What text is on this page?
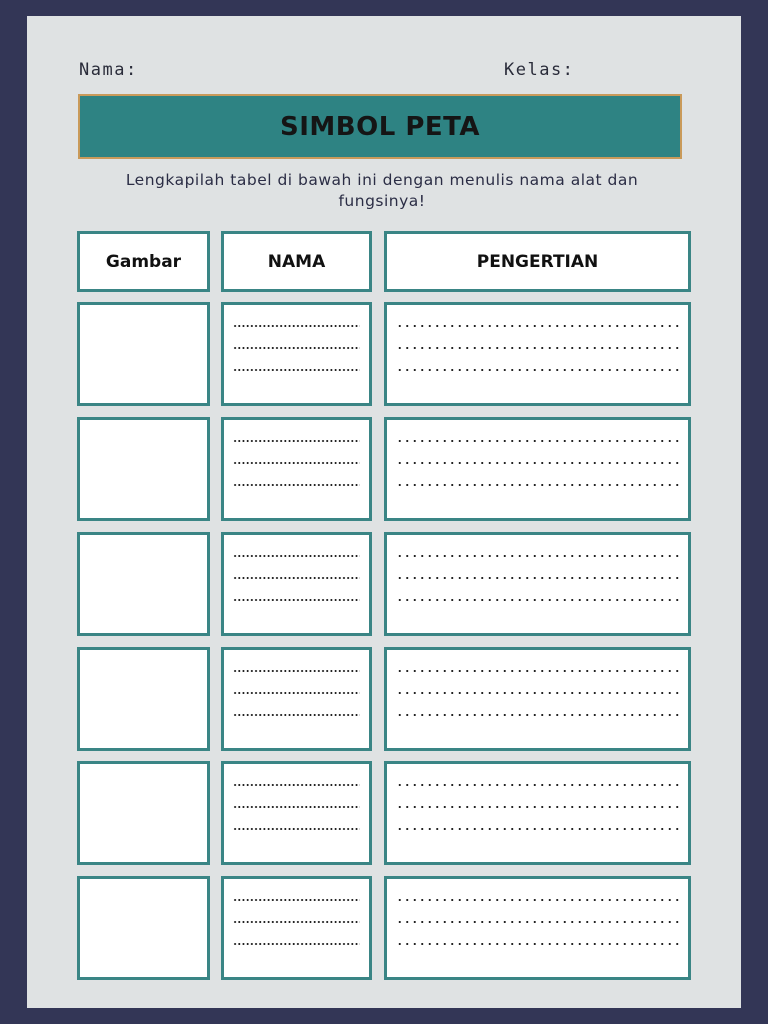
Nama:	Kelas:
SIMBOL PETA
Lengkapilah tabel di bawah ini dengan menulis nama alat dan fungsinya!
Gambar	NAMA	PENGERTIAN
